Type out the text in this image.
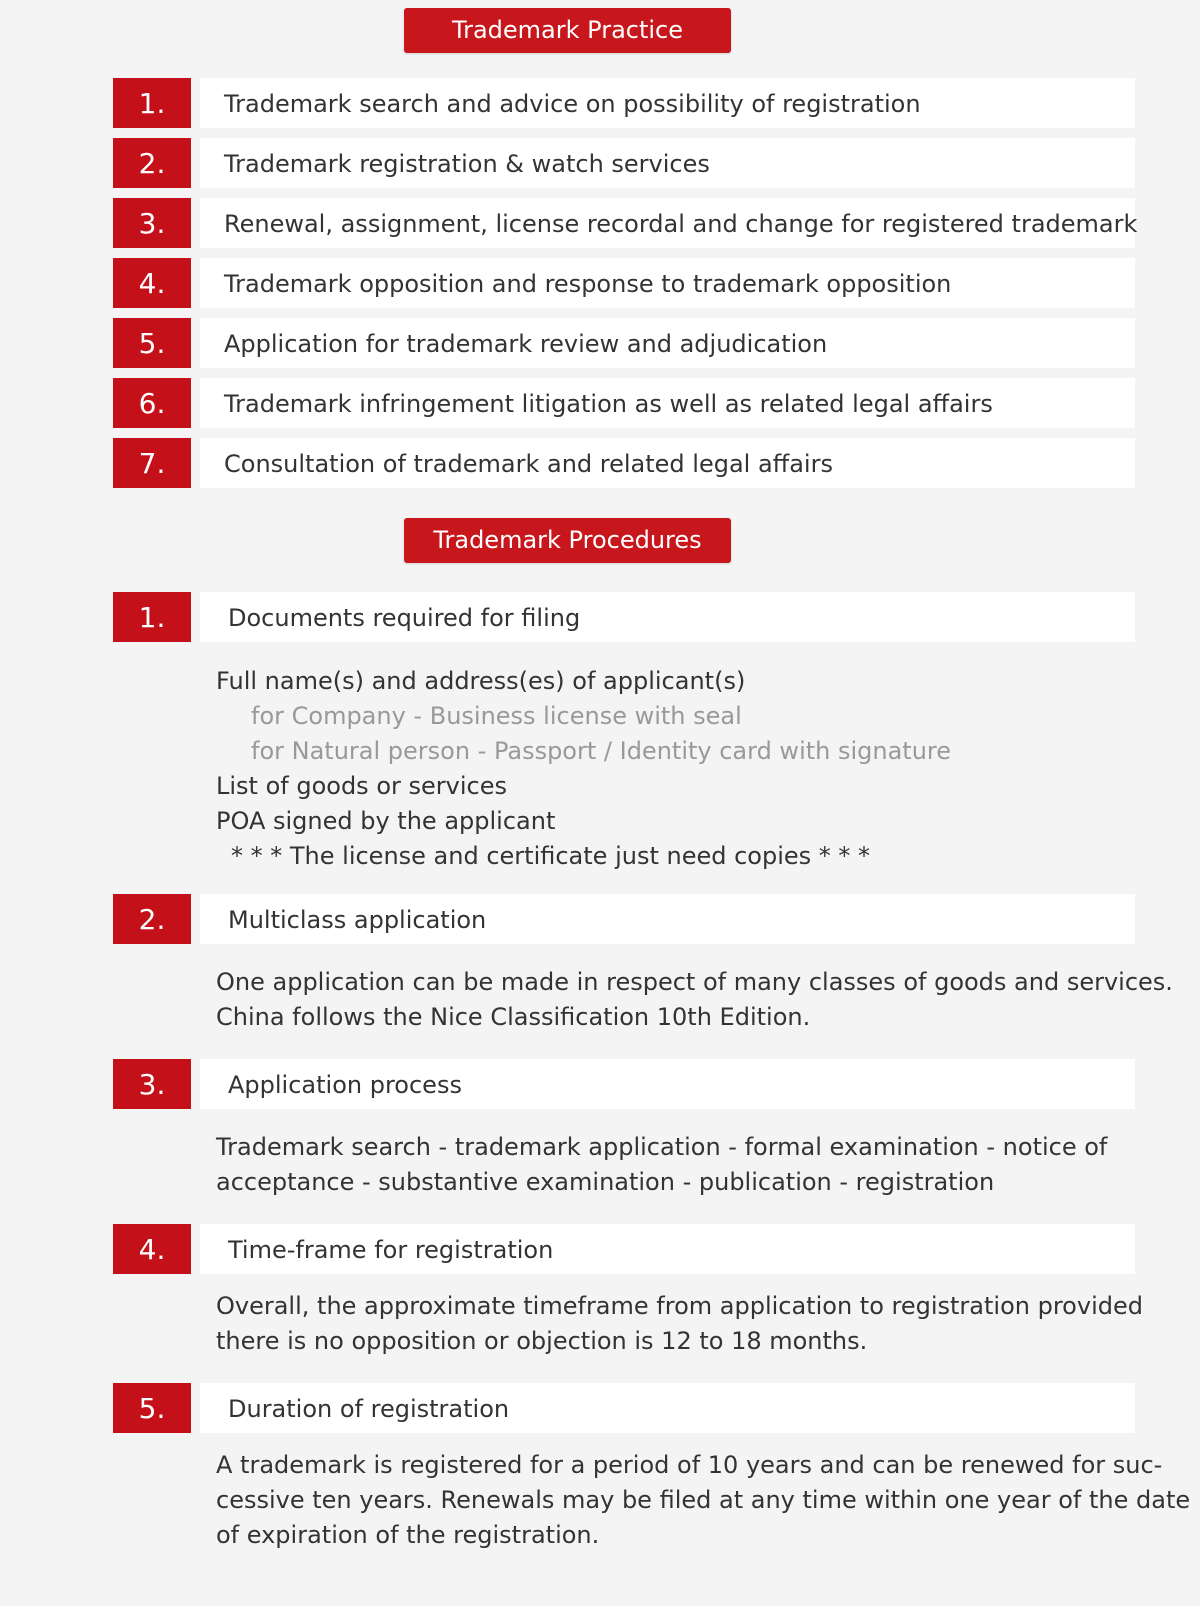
Trademark Practice
1.	Trademark search and advice on possibility of registration
2.	Trademark registration & watch services
3.	Renewal, assignment, license recordal and change for registered trademark
4.	Trademark opposition and response to trademark opposition
5.	Application for trademark review and adjudication
6.	Trademark infringement litigation as well as related legal affairs
7.	Consultation of trademark and related legal affairs
Trademark Procedures
1.	Documents required for filing
Full name(s) and address(es) of applicant(s)
for Company - Business license with seal
for Natural person - Passport / Identity card with signature
List of goods or services
POA signed by the applicant
* * * The license and certificate just need copies * * *
2.	Multiclass application
One application can be made in respect of many classes of goods and services.
China follows the Nice Classification 10th Edition.
3.	Application process
Trademark search - trademark application - formal examination - notice of
acceptance - substantive examination - publication - registration
4.	Time-frame for registration
Overall, the approximate timeframe from application to registration provided
there is no opposition or objection is 12 to 18 months.
5.	Duration of registration
A trademark is registered for a period of 10 years and can be renewed for suc-
cessive ten years. Renewals may be filed at any time within one year of the date
of expiration of the registration.
